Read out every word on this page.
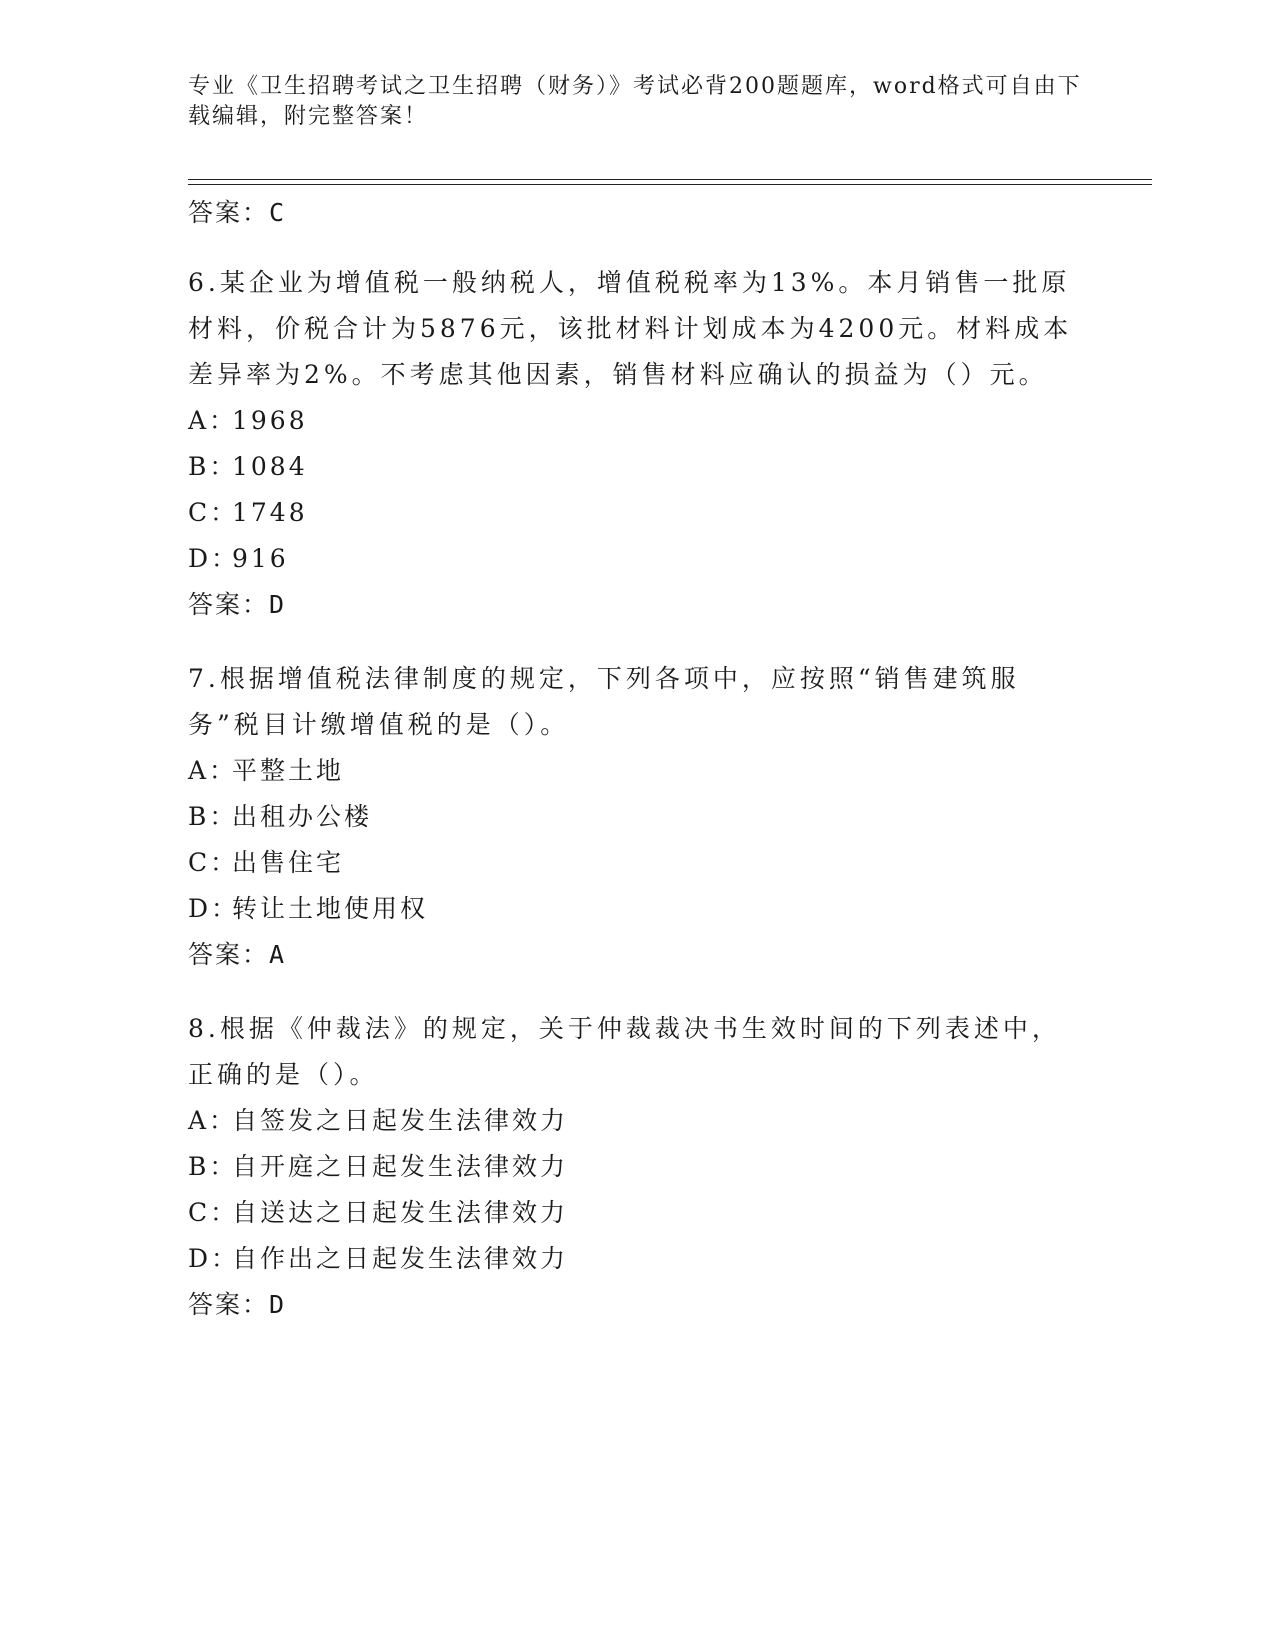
专业《卫生招聘考试之卫生招聘（财务）》考试必背200题题库，word格式可自由下载编辑，附完整答案！

答案：C

6.某企业为增值税一般纳税人，增值税税率为13%。本月销售一批原材料，价税合计为5876元，该批材料计划成本为4200元。材料成本差异率为2%。不考虑其他因素，销售材料应确认的损益为（）元。

A：
1968

B：
1084

C：
1748

D：
916

答案：D

7.根据增值税法律制度的规定，下列各项中，应按照“销售建筑服务”税目计缴增值税的是（）。

A：
平整土地

B：
出租办公楼

C：
出售住宅

D：
转让土地使用权

答案：A

8.根据《仲裁法》的规定，关于仲裁裁决书生效时间的下列表述中，正确的是（）。

A：
自签发之日起发生法律效力

B：
自开庭之日起发生法律效力

C：
自送达之日起发生法律效力

D：
自作出之日起发生法律效力

答案：D
